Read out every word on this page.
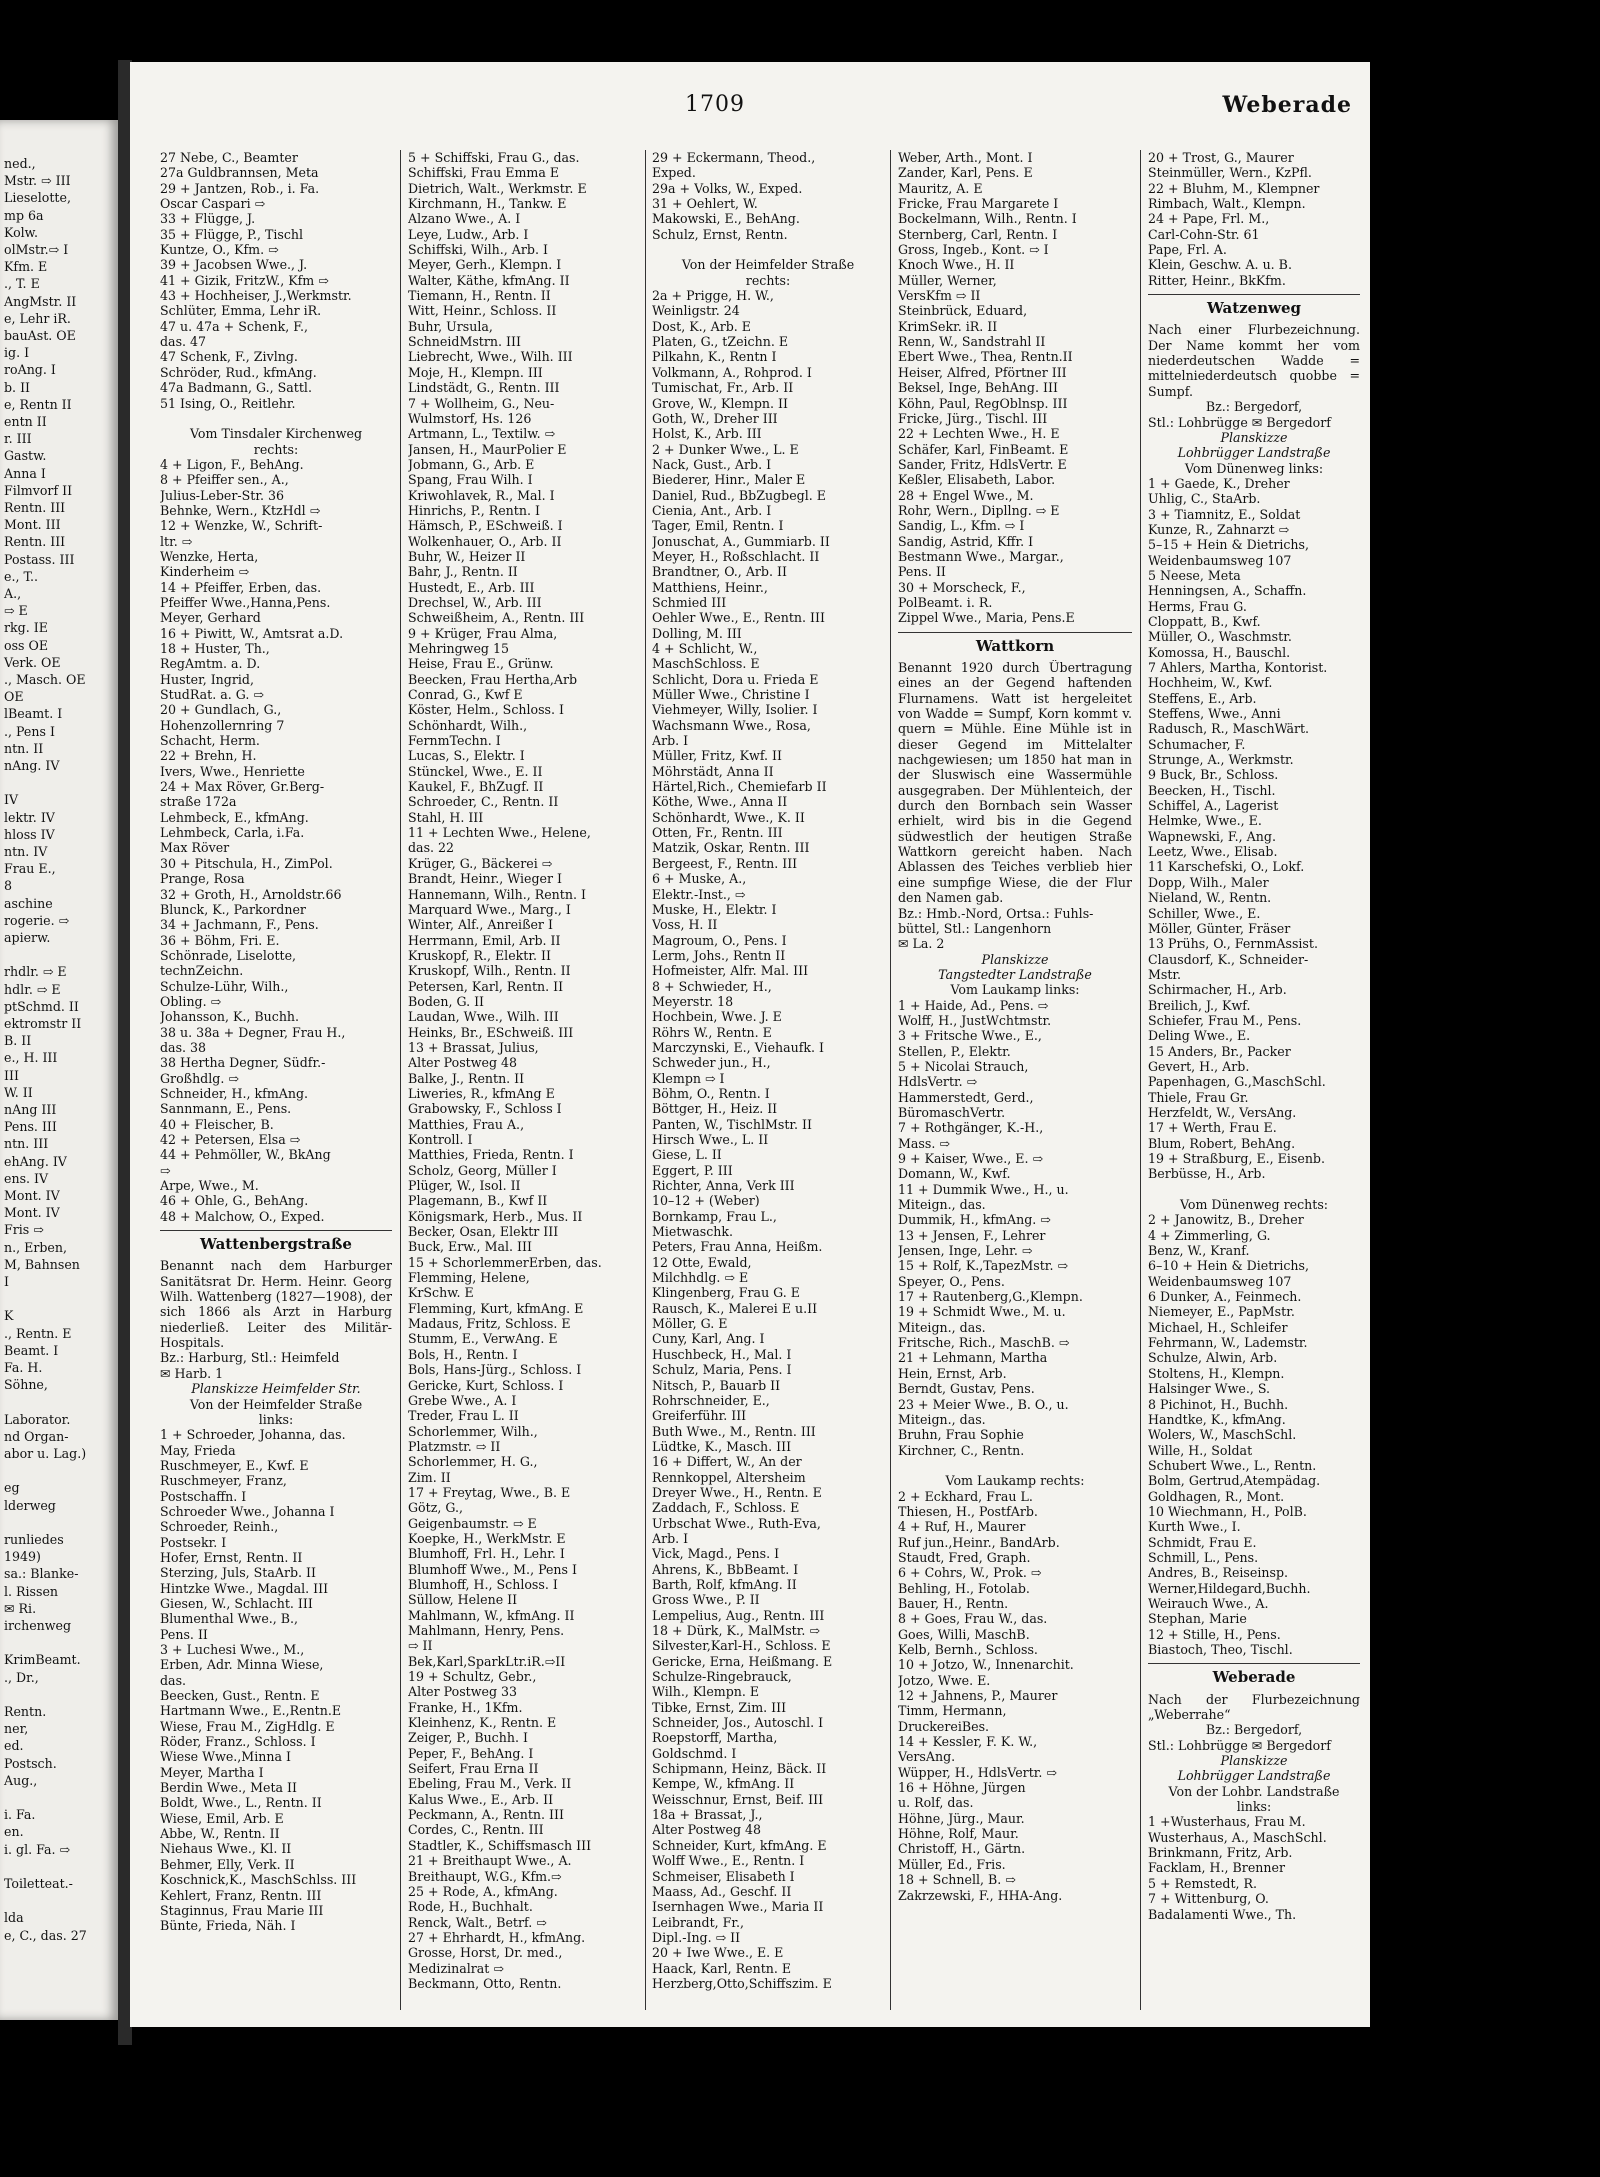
ned.,
Mstr. ⇨ III
Lieselotte,
mp 6a
Kolw.
olMstr.⇨ I
Kfm. E
., T. E
AngMstr. II
e, Lehr iR.
bauAst. OE
ig. I
roAng. I
b. II
e, Rentn II
entn II
r. III
Gastw.
Anna I
Filmvorf II
Rentn. III
Mont. III
Rentn. III
Postass. III
e., T..
A.,
⇨ E
rkg. IE
oss OE
Verk. OE
., Masch. OE
OE
lBeamt. I
., Pens I
ntn. II
nAng. IV
IV
lektr. IV
hloss IV
ntn. IV
Frau E.,
8
aschine
rogerie. ⇨
apierw.
rhdlr. ⇨ E
hdlr. ⇨ E
ptSchmd. II
ektromstr II
B. II
e., H. III
III
W. II
nAng III
Pens. III
ntn. III
ehAng. IV
ens. IV
Mont. IV
Mont. IV
Fris ⇨
n., Erben,
M, Bahnsen
I
K
., Rentn. E
Beamt. I
Fa. H.
Söhne,
Laborator.
nd Organ-
abor u. Lag.)
eg
lderweg
runliedes
1949)
sa.: Blanke-
l. Rissen
✉ Ri.
irchenweg
KrimBeamt.
., Dr.,
Rentn.
ner,
ed.
Postsch.
Aug.,
i. Fa.
en.
i. gl. Fa. ⇨
Toiletteat.-
lda
e, C., das. 27
1709	Weberade
27 Nebe, C., Beamter
27a Guldbrannsen, Meta
29 + Jantzen, Rob., i. Fa.
Oscar Caspari ⇨
33 + Flügge, J.
35 + Flügge, P., Tischl
Kuntze, O., Kfm. ⇨
39 + Jacobsen Wwe., J.
41 + Gizik, FritzW., Kfm ⇨
43 + Hochheiser, J.,Werkmstr.
Schlüter, Emma, Lehr iR.
47 u. 47a + Schenk, F.,
das. 47
47 Schenk, F., Zivlng.
Schröder, Rud., kfmAng.
47a Badmann, G., Sattl.
51 Ising, O., Reitlehr.

Vom Tinsdaler Kirchenweg
rechts:
4 + Ligon, F., BehAng.
8 + Pfeiffer sen., A.,
Julius-Leber-Str. 36
Behnke, Wern., KtzHdl ⇨
12 + Wenzke, W., Schrift-
ltr. ⇨
Wenzke, Herta,
Kinderheim ⇨
14 + Pfeiffer, Erben, das.
Pfeiffer Wwe.,Hanna,Pens.
Meyer, Gerhard
16 + Piwitt, W., Amtsrat a.D.
18 + Huster, Th.,
RegAmtm. a. D.
Huster, Ingrid,
StudRat. a. G. ⇨
20 + Gundlach, G.,
Hohenzollernring 7
Schacht, Herm.
22 + Brehn, H.
Ivers, Wwe., Henriette
24 + Max Röver, Gr.Berg-
straße 172a
Lehmbeck, E., kfmAng.
Lehmbeck, Carla, i.Fa.
Max Röver
30 + Pitschula, H., ZimPol.
Prange, Rosa
32 + Groth, H., Arnoldstr.66
Blunck, K., Parkordner
34 + Jachmann, F., Pens.
36 + Böhm, Fri. E.
Schönrade, Liselotte,
technZeichn.
Schulze-Lühr, Wilh.,
Obling. ⇨
Johansson, K., Buchh.
38 u. 38a + Degner, Frau H.,
das. 38
38 Hertha Degner, Südfr.-
Großhdlg. ⇨
Schneider, H., kfmAng.
Sannmann, E., Pens.
40 + Fleischer, B.
42 + Petersen, Elsa ⇨
44 + Pehmöller, W., BkAng
⇨
Arpe, Wwe., M.
46 + Ohle, G., BehAng.
48 + Malchow, O., Exped.
Wattenbergstraße
Benannt nach dem Harburger Sanitätsrat Dr. Herm. Heinr. Georg Wilh. Wattenberg (1827—1908), der sich 1866 als Arzt in Harburg niederließ. Leiter des Militär-Hospitals.
Bz.: Harburg, Stl.: Heimfeld
✉ Harb. 1
Planskizze Heimfelder Str.
Von der Heimfelder Straße
links:
1 + Schroeder, Johanna, das.
May, Frieda
Ruschmeyer, E., Kwf. E
Ruschmeyer, Franz,
Postschaffn. I
Schroeder Wwe., Johanna I
Schroeder, Reinh.,
Postsekr. I
Hofer, Ernst, Rentn. II
Sterzing, Juls, StaArb. II
Hintzke Wwe., Magdal. III
Giesen, W., Schlacht. III
Blumenthal Wwe., B.,
Pens. II
3 + Luchesi Wwe., M.,
Erben, Adr. Minna Wiese,
das.
Beecken, Gust., Rentn. E
Hartmann Wwe., E.,Rentn.E
Wiese, Frau M., ZigHdlg. E
Röder, Franz., Schloss. I
Wiese Wwe.,Minna I
Meyer, Martha I
Berdin Wwe., Meta II
Boldt, Wwe., L., Rentn. II
Wiese, Emil, Arb. E
Abbe, W., Rentn. II
Niehaus Wwe., Kl. II
Behmer, Elly, Verk. II
Koschnick,K., MaschSchlss. III
Kehlert, Franz, Rentn. III
Staginnus, Frau Marie III
Bünte, Frieda, Näh. I
5 + Schiffski, Frau G., das.
Schiffski, Frau Emma E
Dietrich, Walt., Werkmstr. E
Kirchmann, H., Tankw. E
Alzano Wwe., A. I
Leye, Ludw., Arb. I
Schiffski, Wilh., Arb. I
Meyer, Gerh., Klempn. I
Walter, Käthe, kfmAng. II
Tiemann, H., Rentn. II
Witt, Heinr., Schloss. II
Buhr, Ursula,
SchneidMstrn. III
Liebrecht, Wwe., Wilh. III
Moje, H., Klempn. III
Lindstädt, G., Rentn. III
7 + Wollheim, G., Neu-
Wulmstorf, Hs. 126
Artmann, L., Textilw. ⇨
Jansen, H., MaurPolier E
Jobmann, G., Arb. E
Spang, Frau Wilh. I
Kriwohlavek, R., Mal. I
Hinrichs, P., Rentn. I
Hämsch, P., ESchweiß. I
Wolkenhauer, O., Arb. II
Buhr, W., Heizer II
Bahr, J., Rentn. II
Hustedt, E., Arb. III
Drechsel, W., Arb. III
Schweißheim, A., Rentn. III
9 + Krüger, Frau Alma,
Mehringweg 15
Heise, Frau E., Grünw.
Beecken, Frau Hertha,Arb
Conrad, G., Kwf E
Köster, Helm., Schloss. I
Schönhardt, Wilh.,
FernmTechn. I
Lucas, S., Elektr. I
Stünckel, Wwe., E. II
Kaukel, F., BhZugf. II
Schroeder, C., Rentn. II
Stahl, H. III
11 + Lechten Wwe., Helene,
das. 22
Krüger, G., Bäckerei ⇨
Brandt, Heinr., Wieger I
Hannemann, Wilh., Rentn. I
Marquard Wwe., Marg., I
Winter, Alf., Anreißer I
Herrmann, Emil, Arb. II
Kruskopf, R., Elektr. II
Kruskopf, Wilh., Rentn. II
Petersen, Karl, Rentn. II
Boden, G. II
Laudan, Wwe., Wilh. III
Heinks, Br., ESchweiß. III
13 + Brassat, Julius,
Alter Postweg 48
Balke, J., Rentn. II
Liweries, R., kfmAng E
Grabowsky, F., Schloss I
Matthies, Frau A.,
Kontroll. I
Matthies, Frieda, Rentn. I
Scholz, Georg, Müller I
Plüger, W., Isol. II
Plagemann, B., Kwf II
Königsmark, Herb., Mus. II
Becker, Osan, Elektr III
Buck, Erw., Mal. III
15 + SchorlemmerErben, das.
Flemming, Helene,
KrSchw. E
Flemming, Kurt, kfmAng. E
Madaus, Fritz, Schloss. E
Stumm, E., VerwAng. E
Bols, H., Rentn. I
Bols, Hans-Jürg., Schloss. I
Gericke, Kurt, Schloss. I
Grebe Wwe., A. I
Treder, Frau L. II
Schorlemmer, Wilh.,
Platzmstr. ⇨ II
Schorlemmer, H. G.,
Zim. II
17 + Freytag, Wwe., B. E
Götz, G.,
Geigenbaumstr. ⇨ E
Koepke, H., WerkMstr. E
Blumhoff, Frl. H., Lehr. I
Blumhoff Wwe., M., Pens I
Blumhoff, H., Schloss. I
Süllow, Helene II
Mahlmann, W., kfmAng. II
Mahlmann, Henry, Pens.
⇨ II
Bek,Karl,SparkLtr.iR.⇨II
19 + Schultz, Gebr.,
Alter Postweg 33
Franke, H., 1Kfm.
Kleinhenz, K., Rentn. E
Zeiger, P., Buchh. I
Peper, F., BehAng. I
Seifert, Frau Erna II
Ebeling, Frau M., Verk. II
Kalus Wwe., E., Arb. II
Peckmann, A., Rentn. III
Cordes, C., Rentn. III
Stadtler, K., Schiffsmasch III
21 + Breithaupt Wwe., A.
Breithaupt, W.G., Kfm.⇨
25 + Rode, A., kfmAng.
Rode, H., Buchhalt.
Renck, Walt., Betrf. ⇨
27 + Ehrhardt, H., kfmAng.
Grosse, Horst, Dr. med.,
Medizinalrat ⇨
Beckmann, Otto, Rentn.
29 + Eckermann, Theod.,
Exped.
29a + Volks, W., Exped.
31 + Oehlert, W.
Makowski, E., BehAng.
Schulz, Ernst, Rentn.

Von der Heimfelder Straße
rechts:
2a + Prigge, H. W.,
Weinligstr. 24
Dost, K., Arb. E
Platen, G., tZeichn. E
Pilkahn, K., Rentn I
Volkmann, A., Rohprod. I
Tumischat, Fr., Arb. II
Grove, W., Klempn. II
Goth, W., Dreher III
Holst, K., Arb. III
2 + Dunker Wwe., L. E
Nack, Gust., Arb. I
Biederer, Hinr., Maler E
Daniel, Rud., BbZugbegl. E
Cienia, Ant., Arb. I
Tager, Emil, Rentn. I
Jonuschat, A., Gummiarb. II
Meyer, H., Roßschlacht. II
Brandtner, O., Arb. II
Matthiens, Heinr.,
Schmied III
Oehler Wwe., E., Rentn. III
Dolling, M. III
4 + Schlicht, W.,
MaschSchloss. E
Schlicht, Dora u. Frieda E
Müller Wwe., Christine I
Viehmeyer, Willy, Isolier. I
Wachsmann Wwe., Rosa,
Arb. I
Müller, Fritz, Kwf. II
Möhrstädt, Anna II
Härtel,Rich., Chemiefarb II
Köthe, Wwe., Anna II
Schönhardt, Wwe., K. II
Otten, Fr., Rentn. III
Matzik, Oskar, Rentn. III
Bergeest, F., Rentn. III
6 + Muske, A.,
Elektr.-Inst., ⇨
Muske, H., Elektr. I
Voss, H. II
Magroum, O., Pens. I
Lerm, Johs., Rentn II
Hofmeister, Alfr. Mal. III
8 + Schwieder, H.,
Meyerstr. 18
Hochbein, Wwe. J. E
Röhrs W., Rentn. E
Marczynski, E., Viehaufk. I
Schweder jun., H.,
Klempn ⇨ I
Böhm, O., Rentn. I
Böttger, H., Heiz. II
Panten, W., TischlMstr. II
Hirsch Wwe., L. II
Giese, L. II
Eggert, P. III
Richter, Anna, Verk III
10–12 + (Weber)
Bornkamp, Frau L.,
Mietwaschk.
Peters, Frau Anna, Heißm.
12 Otte, Ewald,
Milchhdlg. ⇨ E
Klingenberg, Frau G. E
Rausch, K., Malerei E u.II
Möller, G. E
Cuny, Karl, Ang. I
Huschbeck, H., Mal. I
Schulz, Maria, Pens. I
Nitsch, P., Bauarb II
Rohrschneider, E.,
Greiferführ. III
Buth Wwe., M., Rentn. III
Lüdtke, K., Masch. III
16 + Differt, W., An der
Rennkoppel, Altersheim
Dreyer Wwe., H., Rentn. E
Zaddach, F., Schloss. E
Urbschat Wwe., Ruth-Eva,
Arb. I
Vick, Magd., Pens. I
Ahrens, K., BbBeamt. I
Barth, Rolf, kfmAng. II
Gross Wwe., P. II
Lempelius, Aug., Rentn. III
18 + Dürk, K., MalMstr. ⇨
Silvester,Karl-H., Schloss. E
Gericke, Erna, Heißmang. E
Schulze-Ringebrauck,
Wilh., Klempn. E
Tibke, Ernst, Zim. III
Schneider, Jos., Autoschl. I
Roepstorff, Martha,
Goldschmd. I
Schipmann, Heinz, Bäck. II
Kempe, W., kfmAng. II
Weisschnur, Ernst, Beif. III
18a + Brassat, J.,
Alter Postweg 48
Schneider, Kurt, kfmAng. E
Wolff Wwe., E., Rentn. I
Schmeiser, Elisabeth I
Maass, Ad., Geschf. II
Isernhagen Wwe., Maria II
Leibrandt, Fr.,
Dipl.-Ing. ⇨ II
20 + Iwe Wwe., E. E
Haack, Karl, Rentn. E
Herzberg,Otto,Schiffszim. E
Weber, Arth., Mont. I
Zander, Karl, Pens. E
Mauritz, A. E
Fricke, Frau Margarete I
Bockelmann, Wilh., Rentn. I
Sternberg, Carl, Rentn. I
Gross, Ingeb., Kont. ⇨ I
Knoch Wwe., H. II
Müller, Werner,
VersKfm ⇨ II
Steinbrück, Eduard,
KrimSekr. iR. II
Renn, W., Sandstrahl II
Ebert Wwe., Thea, Rentn.II
Heiser, Alfred, Pförtner III
Beksel, Inge, BehAng. III
Köhn, Paul, RegOblnsp. III
Fricke, Jürg., Tischl. III
22 + Lechten Wwe., H. E
Schäfer, Karl, FinBeamt. E
Sander, Fritz, HdlsVertr. E
Keßler, Elisabeth, Labor.
28 + Engel Wwe., M.
Rohr, Wern., Dipllng. ⇨ E
Sandig, L., Kfm. ⇨ I
Sandig, Astrid, Kffr. I
Bestmann Wwe., Margar.,
Pens. II
30 + Morscheck, F.,
PolBeamt. i. R.
Zippel Wwe., Maria, Pens.E
Wattkorn
Benannt 1920 durch Übertragung eines an der Gegend haftenden Flurnamens. Watt ist hergeleitet von Wadde = Sumpf, Korn kommt v. quern = Mühle. Eine Mühle ist in dieser Gegend im Mittelalter nachgewiesen; um 1850 hat man in der Sluswisch eine Wassermühle ausgegraben. Der Mühlenteich, der durch den Bornbach sein Wasser erhielt, wird bis in die Gegend südwestlich der heutigen Straße Wattkorn gereicht haben. Nach Ablassen des Teiches verblieb hier eine sumpfige Wiese, die der Flur den Namen gab.
Bz.: Hmb.-Nord, Ortsa.: Fuhls-
büttel, Stl.: Langenhorn
✉ La. 2
Planskizze
Tangstedter Landstraße
Vom Laukamp links:
1 + Haide, Ad., Pens. ⇨
Wolff, H., JustWchtmstr.
3 + Fritsche Wwe., E.,
Stellen, P., Elektr.
5 + Nicolai Strauch,
HdlsVertr. ⇨
Hammerstedt, Gerd.,
BüromaschVertr.
7 + Rothgänger, K.-H.,
Mass. ⇨
9 + Kaiser, Wwe., E. ⇨
Domann, W., Kwf.
11 + Dummik Wwe., H., u.
Miteign., das.
Dummik, H., kfmAng. ⇨
13 + Jensen, F., Lehrer
Jensen, Inge, Lehr. ⇨
15 + Rolf, K.,TapezMstr. ⇨
Speyer, O., Pens.
17 + Rautenberg,G.,Klempn.
19 + Schmidt Wwe., M. u.
Miteign., das.
Fritsche, Rich., MaschB. ⇨
21 + Lehmann, Martha
Hein, Ernst, Arb.
Berndt, Gustav, Pens.
23 + Meier Wwe., B. O., u.
Miteign., das.
Bruhn, Frau Sophie
Kirchner, C., Rentn.

Vom Laukamp rechts:
2 + Eckhard, Frau L.
Thiesen, H., PostfArb.
4 + Ruf, H., Maurer
Ruf jun.,Heinr., BandArb.
Staudt, Fred, Graph.
6 + Cohrs, W., Prok. ⇨
Behling, H., Fotolab.
Bauer, H., Rentn.
8 + Goes, Frau W., das.
Goes, Willi, MaschB.
Kelb, Bernh., Schloss.
10 + Jotzo, W., Innenarchit.
Jotzo, Wwe. E.
12 + Jahnens, P., Maurer
Timm, Hermann,
DruckereiBes.
14 + Kessler, F. K. W.,
VersAng.
Wüpper, H., HdlsVertr. ⇨
16 + Höhne, Jürgen
u. Rolf, das.
Höhne, Jürg., Maur.
Höhne, Rolf, Maur.
Christoff, H., Gärtn.
Müller, Ed., Fris.
18 + Schnell, B. ⇨
Zakrzewski, F., HHA-Ang.
20 + Trost, G., Maurer
Steinmüller, Wern., KzPfl.
22 + Bluhm, M., Klempner
Rimbach, Walt., Klempn.
24 + Pape, Frl. M.,
Carl-Cohn-Str. 61
Pape, Frl. A.
Klein, Geschw. A. u. B.
Ritter, Heinr., BkKfm.
Watzenweg
Nach einer Flurbezeichnung. Der Name kommt her vom niederdeutschen Wadde = mittelniederdeutsch quobbe = Sumpf.
Bz.: Bergedorf,
Stl.: Lohbrügge ✉ Bergedorf
Planskizze
Lohbrügger Landstraße
Vom Dünenweg links:
1 + Gaede, K., Dreher
Uhlig, C., StaArb.
3 + Tiamnitz, E., Soldat
Kunze, R., Zahnarzt ⇨
5–15 + Hein & Dietrichs,
Weidenbaumsweg 107
5 Neese, Meta
Henningsen, A., Schaffn.
Herms, Frau G.
Cloppatt, B., Kwf.
Müller, O., Waschmstr.
Komossa, H., Bauschl.
7 Ahlers, Martha, Kontorist.
Hochheim, W., Kwf.
Steffens, E., Arb.
Steffens, Wwe., Anni
Radusch, R., MaschWärt.
Schumacher, F.
Strunge, A., Werkmstr.
9 Buck, Br., Schloss.
Beecken, H., Tischl.
Schiffel, A., Lagerist
Helmke, Wwe., E.
Wapnewski, F., Ang.
Leetz, Wwe., Elisab.
11 Karschefski, O., Lokf.
Dopp, Wilh., Maler
Nieland, W., Rentn.
Schiller, Wwe., E.
Möller, Günter, Fräser
13 Prühs, O., FernmAssist.
Clausdorf, K., Schneider-
Mstr.
Schirmacher, H., Arb.
Breilich, J., Kwf.
Schiefer, Frau M., Pens.
Deling Wwe., E.
15 Anders, Br., Packer
Gevert, H., Arb.
Papenhagen, G.,MaschSchl.
Thiele, Frau Gr.
Herzfeldt, W., VersAng.
17 + Werth, Frau E.
Blum, Robert, BehAng.
19 + Straßburg, E., Eisenb.
Berbüsse, H., Arb.

Vom Dünenweg rechts:
2 + Janowitz, B., Dreher
4 + Zimmerling, G.
Benz, W., Kranf.
6–10 + Hein & Dietrichs,
Weidenbaumsweg 107
6 Dunker, A., Feinmech.
Niemeyer, E., PapMstr.
Michael, H., Schleifer
Fehrmann, W., Lademstr.
Schulze, Alwin, Arb.
Stoltens, H., Klempn.
Halsinger Wwe., S.
8 Pichinot, H., Buchh.
Handtke, K., kfmAng.
Wolers, W., MaschSchl.
Wille, H., Soldat
Schubert Wwe., L., Rentn.
Bolm, Gertrud,Atempädag.
Goldhagen, R., Mont.
10 Wiechmann, H., PolB.
Kurth Wwe., I.
Schmidt, Frau E.
Schmill, L., Pens.
Andres, B., Reiseinsp.
Werner,Hildegard,Buchh.
Weirauch Wwe., A.
Stephan, Marie
12 + Stille, H., Pens.
Biastoch, Theo, Tischl.
Weberade
Nach der Flurbezeichnung „Weberrahe“
Bz.: Bergedorf,
Stl.: Lohbrügge ✉ Bergedorf
Planskizze
Lohbrügger Landstraße
Von der Lohbr. Landstraße
links:
1 +Wusterhaus, Frau M.
Wusterhaus, A., MaschSchl.
Brinkmann, Fritz, Arb.
Facklam, H., Brenner
5 + Remstedt, R.
7 + Wittenburg, O.
Badalamenti Wwe., Th.
